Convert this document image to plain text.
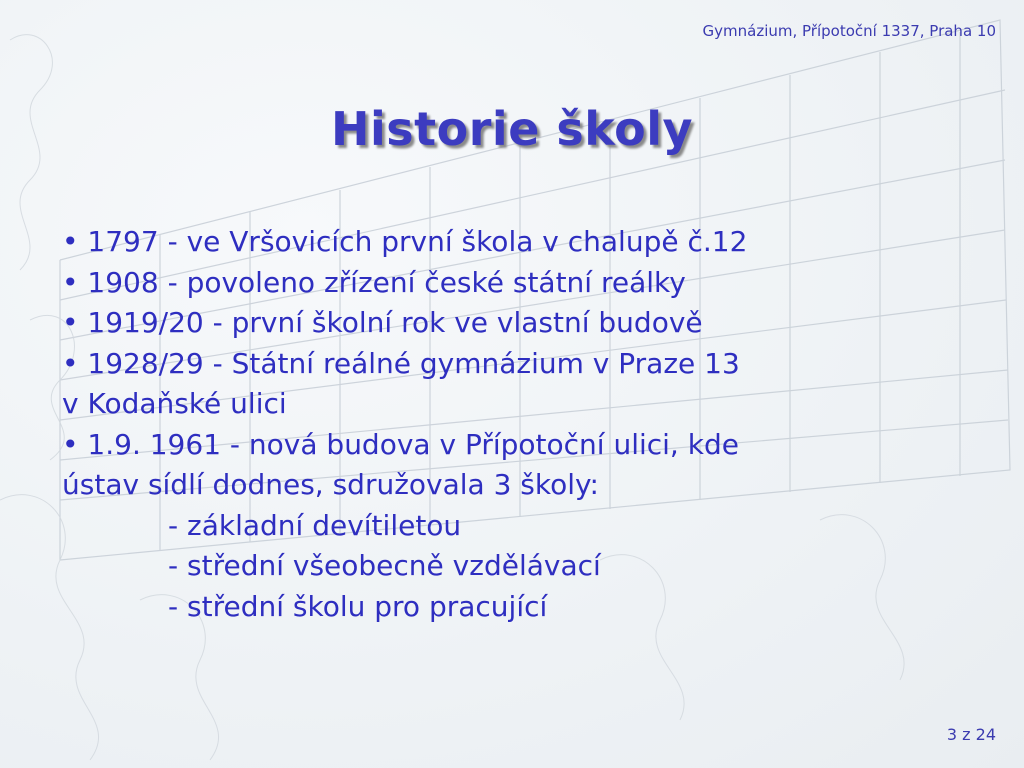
Gymnázium, Přípotoční 1337, Praha 10
Historie školy
• 1797 - ve Vršovicích první škola v chalupě č.12
• 1908 - povoleno zřízení české státní reálky
• 1919/20 - první školní rok ve vlastní budově
• 1928/29 - Státní reálné gymnázium v Praze 13
v Kodaňské ulici
• 1.9. 1961 - nová budova v Přípotoční ulici, kde
ústav sídlí dodnes, sdružovala 3 školy:
- základní devítiletou
- střední všeobecně vzdělávací
- střední školu pro pracující
3 z 24
